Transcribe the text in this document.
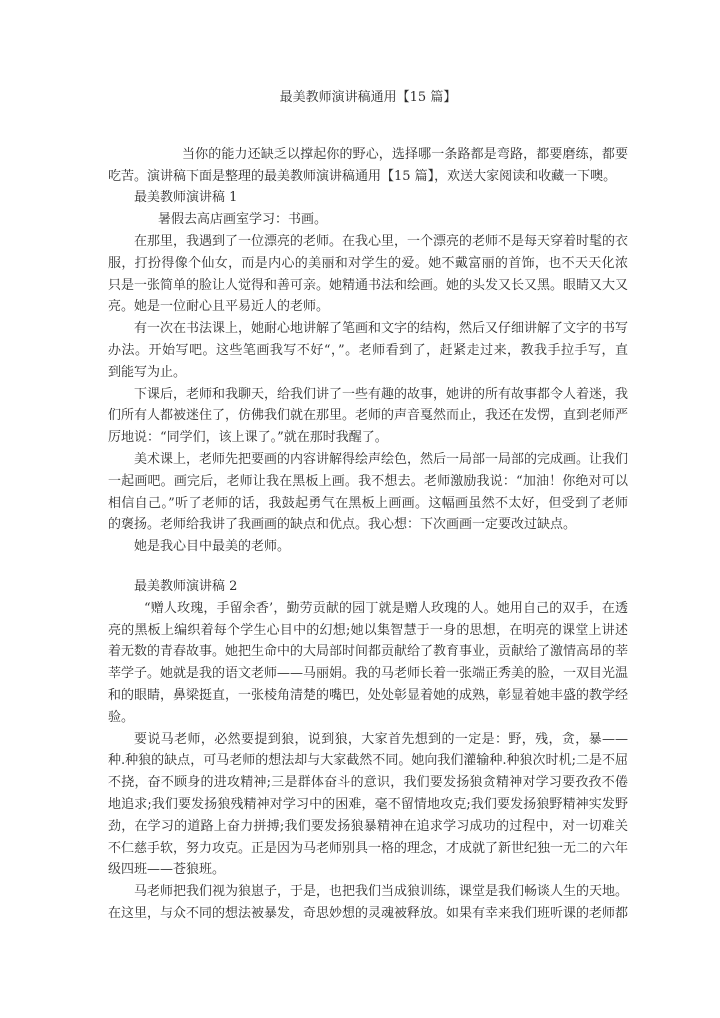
最美教师演讲稿通用【15 篇】
当你的能力还缺乏以撑起你的野心，选择哪一条路都是弯路，都要磨练，都要
吃苦。演讲稿下面是整理的最美教师演讲稿通用【15 篇】，欢送大家阅读和收藏一下噢。
最美教师演讲稿 1
暑假去高店画室学习：书画。
在那里，我遇到了一位漂亮的老师。在我心里，一个漂亮的老师不是每天穿着时髦的衣
服，打扮得像个仙女，而是内心的美丽和对学生的爱。她不戴富丽的首饰，也不天天化浓
只是一张简单的脸让人觉得和善可亲。她精通书法和绘画。她的头发又长又黑。眼睛又大又
亮。她是一位耐心且平易近人的老师。
有一次在书法课上，她耐心地讲解了笔画和文字的结构，然后又仔细讲解了文字的书写
办法。开始写吧。这些笔画我写不好“，”。老师看到了，赶紧走过来，教我手拉手写，直
到能写为止。
下课后，老师和我聊天，给我们讲了一些有趣的故事，她讲的所有故事都令人着迷，我
们所有人都被迷住了，仿佛我们就在那里。老师的声音戛然而止，我还在发愣，直到老师严
厉地说：“同学们，该上课了。”就在那时我醒了。
美术课上，老师先把要画的内容讲解得绘声绘色，然后一局部一局部的完成画。让我们
一起画吧。画完后，老师让我在黑板上画。我不想去。老师激励我说：“加油！你绝对可以
相信自己。”听了老师的话，我鼓起勇气在黑板上画画。这幅画虽然不太好，但受到了老师
的褒扬。老师给我讲了我画画的缺点和优点。我心想：下次画画一定要改过缺点。
她是我心目中最美的老师。
最美教师演讲稿 2
“赠人玫瑰，手留余香’，勤劳贡献的园丁就是赠人玫瑰的人。她用自己的双手，在透
亮的黑板上编织着每个学生心目中的幻想;她以集智慧于一身的思想，在明亮的课堂上讲述
着无数的青春故事。她把生命中的大局部时间都贡献给了教育事业，贡献给了激情高昂的莘
莘学子。她就是我的语文老师——马丽娟。我的马老师长着一张端正秀美的脸，一双目光温
和的眼睛，鼻梁挺直，一张棱角清楚的嘴巴，处处彰显着她的成熟，彰显着她丰盛的教学经
验。
要说马老师，必然要提到狼，说到狼，大家首先想到的一定是：野，残，贪，暴——
种.种狼的缺点，可马老师的想法却与大家截然不同。她向我们灌输种.种狼次时机;二是不屈
不挠，奋不顾身的进攻精神;三是群体奋斗的意识，我们要发扬狼贪精神对学习要孜孜不倦
地追求;我们要发扬狼残精神对学习中的困难，毫不留情地攻克;我们要发扬狼野精神实发野
劲，在学习的道路上奋力拼搏;我们要发扬狼暴精神在追求学习成功的过程中，对一切难关
不仁慈手软，努力攻克。正是因为马老师别具一格的理念，才成就了新世纪独一无二的六年
级四班——苍狼班。
马老师把我们视为狼崽子，于是，也把我们当成狼训练，课堂是我们畅谈人生的天地。
在这里，与众不同的想法被暴发，奇思妙想的灵魂被释放。如果有幸来我们班听课的老师都
